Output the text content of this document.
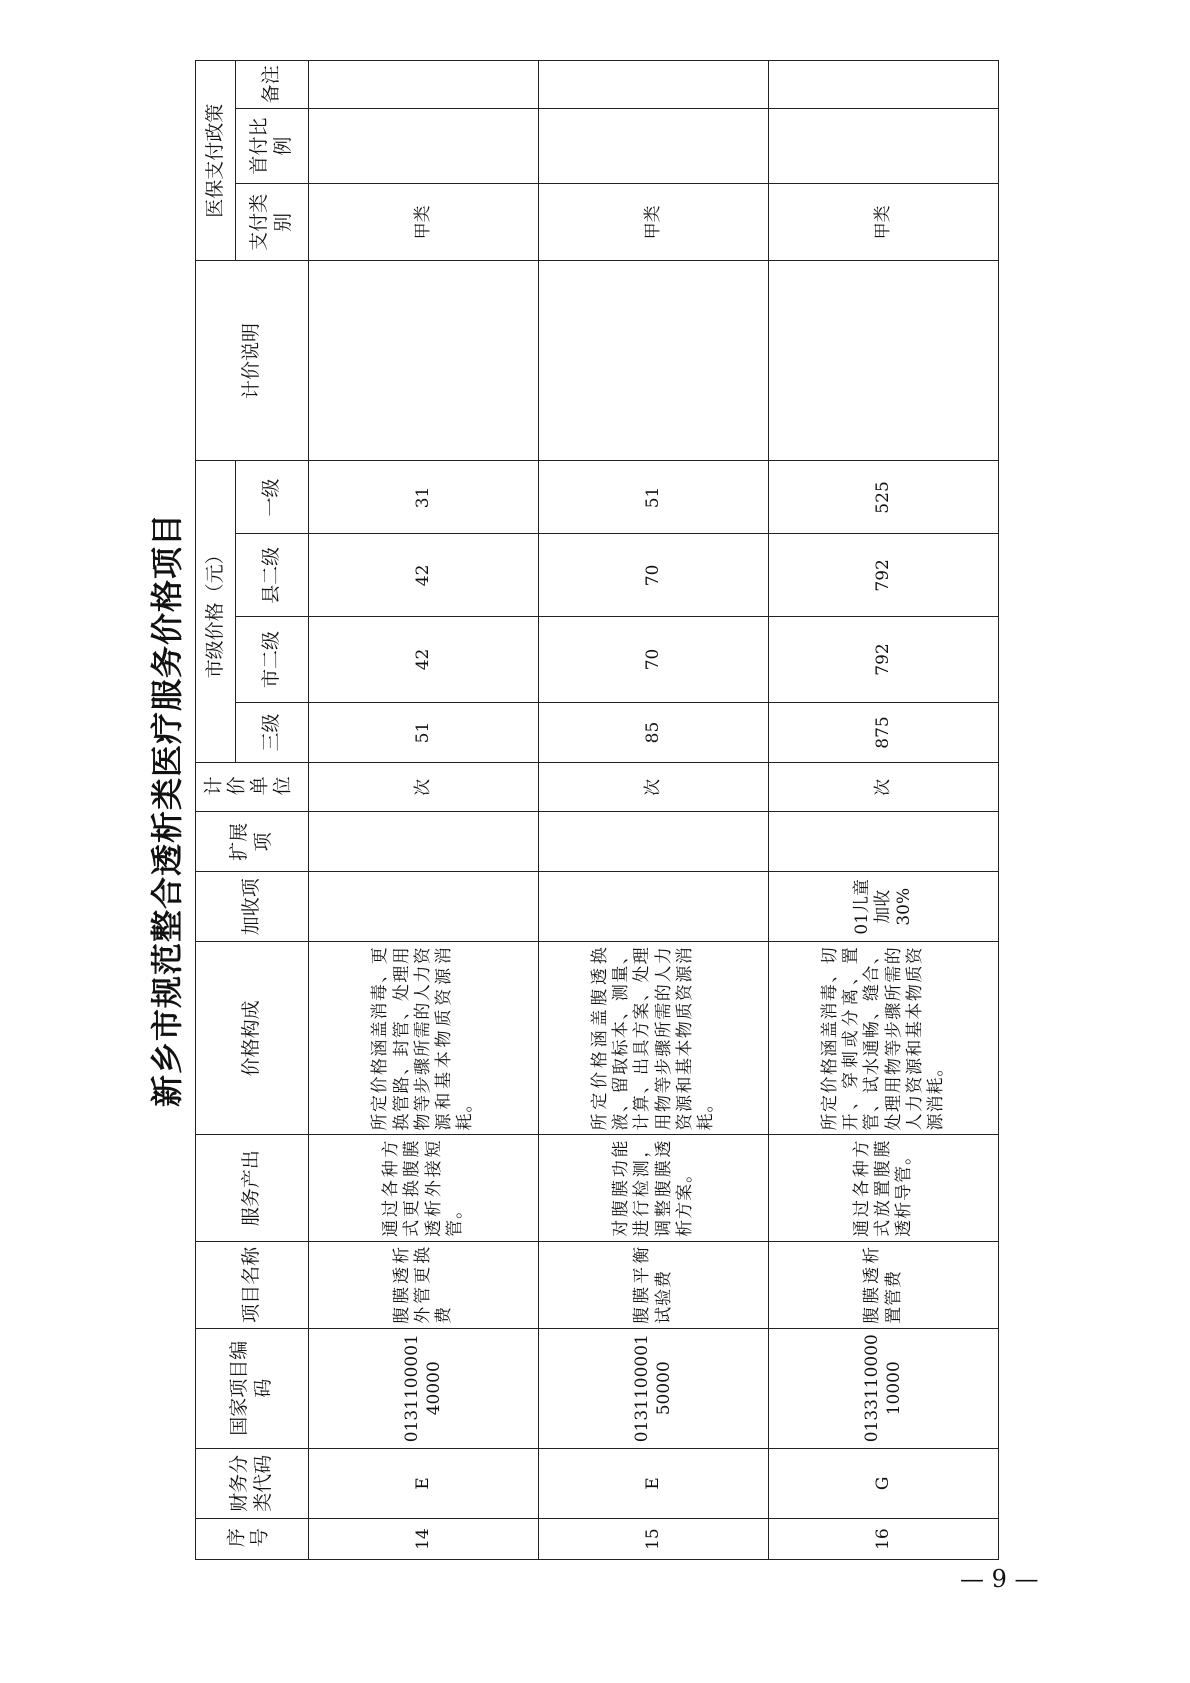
新乡市规范整合透析类医疗服务价格项目
序号	财务分类代码	国家项目编码	项目名称	服务产出	价格构成	加收项	扩展项	计价单位	市级价格（元）				计价说明	医保支付政策		
									三级	市二级	县二级	一级		支付类别	首付比例	备注
14	E	013110000140000	腹膜透析外管更换费	通过各种方式更换腹膜透析外接短管。	所定价格涵盖消毒、更换管路、封管、处理用物等步骤所需的人力资源和基本物质资源消耗。			次	51	42	42	31		甲类		
15	E	013110000150000	腹膜平衡试验费	对腹膜功能进行检测，调整腹膜透析方案。	所定价格涵盖腹透换液、留取标本、测量、计算、出具方案、处理用物等步骤所需的人力资源和基本物质资源消耗。			次	85	70	70	51		甲类		
16	G	013311000010000	腹膜透析置管费	通过各种方式放置腹膜透析导管。	所定价格涵盖消毒、切开、穿刺或分离、置管、试水通畅、缝合、处理用物等步骤所需的人力资源和基本物质资源消耗。	01儿童加收30%		次	875	792	792	525		甲类		
— 9 —
